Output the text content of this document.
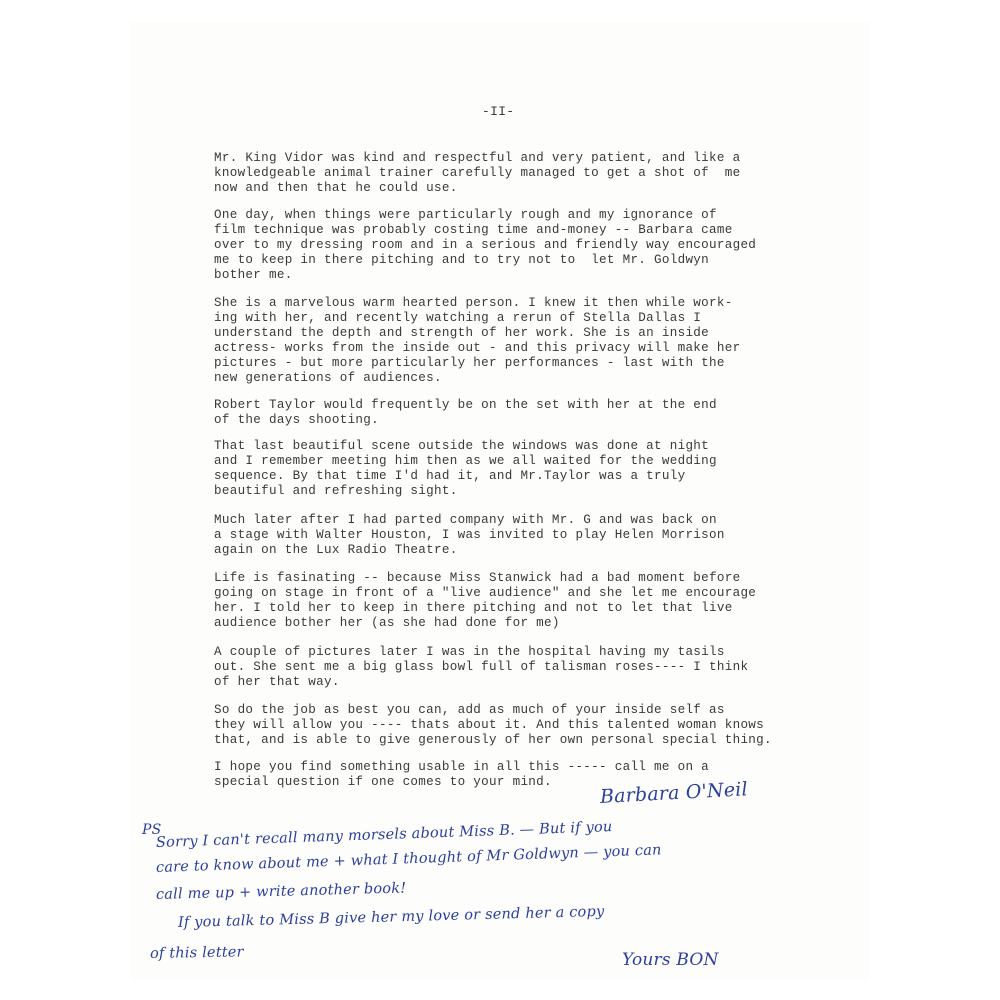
-II-
Mr. King Vidor was kind and respectful and very patient, and like a
knowledgeable animal trainer carefully managed to get a shot of  me
now and then that he could use.
One day, when things were particularly rough and my ignorance of
film technique was probably costing time and-money -- Barbara came
over to my dressing room and in a serious and friendly way encouraged
me to keep in there pitching and to try not to  let Mr. Goldwyn
bother me.
She is a marvelous warm hearted person. I knew it then while work-
ing with her, and recently watching a rerun of Stella Dallas I
understand the depth and strength of her work. She is an inside
actress- works from the inside out - and this privacy will make her
pictures - but more particularly her performances - last with the
new generations of audiences.
Robert Taylor would frequently be on the set with her at the end
of the days shooting.
That last beautiful scene outside the windows was done at night
and I remember meeting him then as we all waited for the wedding
sequence. By that time I'd had it, and Mr.Taylor was a truly
beautiful and refreshing sight.
Much later after I had parted company with Mr. G and was back on
a stage with Walter Houston, I was invited to play Helen Morrison
again on the Lux Radio Theatre.
Life is fasinating -- because Miss Stanwick had a bad moment before
going on stage in front of a "live audience" and she let me encourage
her. I told her to keep in there pitching and not to let that live
audience bother her (as she had done for me)
A couple of pictures later I was in the hospital having my tasils
out. She sent me a big glass bowl full of talisman roses---- I think
of her that way.
So do the job as best you can, add as much of your inside self as
they will allow you ---- thats about it. And this talented woman knows
that, and is able to give generously of her own personal special thing.
I hope you find something usable in all this ----- call me on a
special question if one comes to your mind.	Barbara O'Neil
PS
Sorry I can't recall many morsels about Miss B. — But if you
care to know about me + what I thought of Mr Goldwyn — you can
call me up + write another book!
If you talk to Miss B give her my love or send her a copy
of this letter	Yours BON
